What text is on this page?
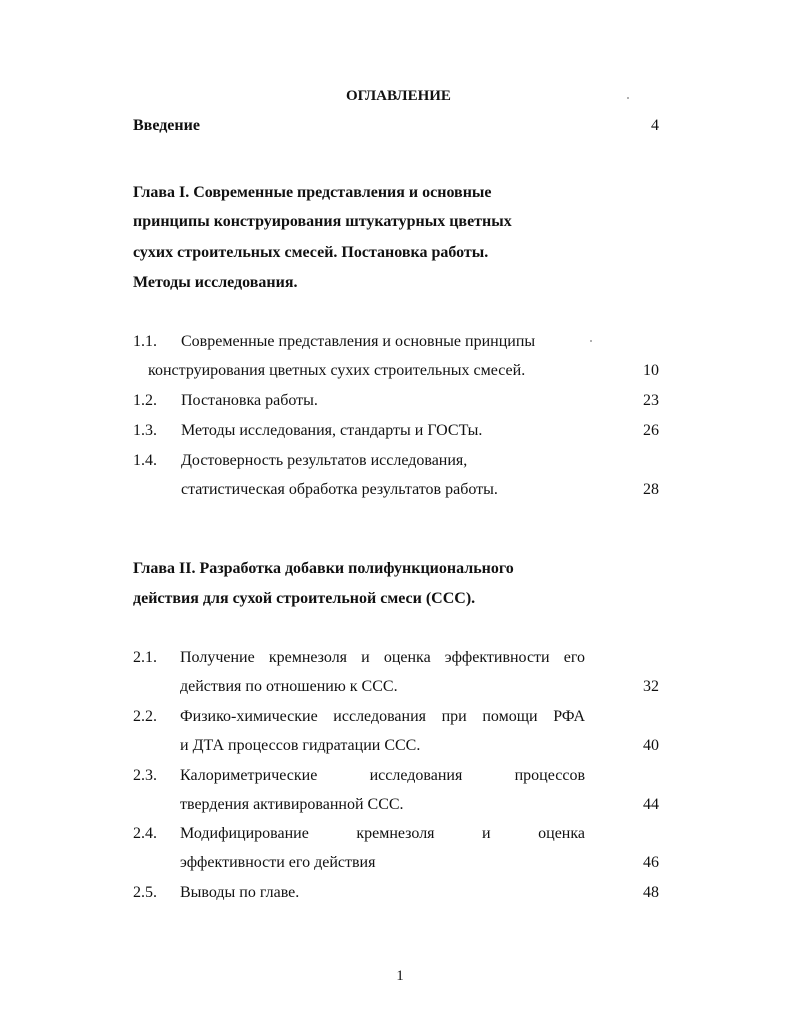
ОГЛАВЛЕНИЕ
Введение	4
Глава I. Современные представления и основные
принципы конструирования штукатурных цветных
сухих строительных смесей. Постановка работы.
Методы исследования.
1.1.	Современные представления и основные принципы
конструирования цветных сухих строительных смесей.	10
1.2.	Постановка работы.	23
1.3.	Методы исследования, стандарты и ГОСТы.	26
1.4.	Достоверность результатов исследования,
статистическая обработка результатов работы.	28
Глава II. Разработка добавки полифункционального
действия для сухой строительной смеси (ССС).
2.1.	Получение кремнезоля и оценка эффективности его
действия по отношению к ССС.	32
2.2.	Физико-химические исследования при помощи РФА
и ДТА процессов гидратации ССС.	40
2.3.	Калориметрические исследования процессов
твердения активированной ССС.	44
2.4.	Модифицирование кремнезоля и оценка
эффективности его действия	46
2.5.	Выводы по главе.	48
1
